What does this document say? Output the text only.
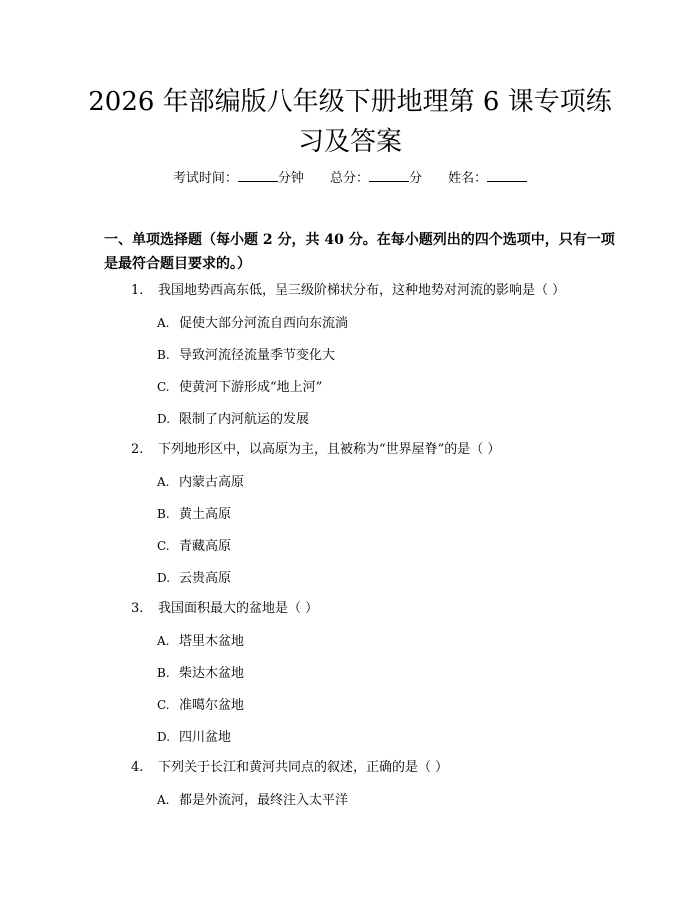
2026 年部编版八年级下册地理第 6 课专项练
习及答案
考试时间：	分钟 总分：	分 姓名：
一、单项选择题（每小题 2 分，共 40 分。在每小题列出的四个选项中，只有一项
是最符合题目要求的。）
1. 我国地势西高东低，呈三级阶梯状分布，这种地势对河流的影响是（ ）
A. 促使大部分河流自西向东流淌
B. 导致河流径流量季节变化大
C. 使黄河下游形成“地上河”
D. 限制了内河航运的发展
2. 下列地形区中，以高原为主，且被称为“世界屋脊”的是（ ）
A. 内蒙古高原
B. 黄土高原
C. 青藏高原
D. 云贵高原
3. 我国面积最大的盆地是（ ）
A. 塔里木盆地
B. 柴达木盆地
C. 准噶尔盆地
D. 四川盆地
4. 下列关于长江和黄河共同点的叙述，正确的是（ ）
A. 都是外流河，最终注入太平洋
